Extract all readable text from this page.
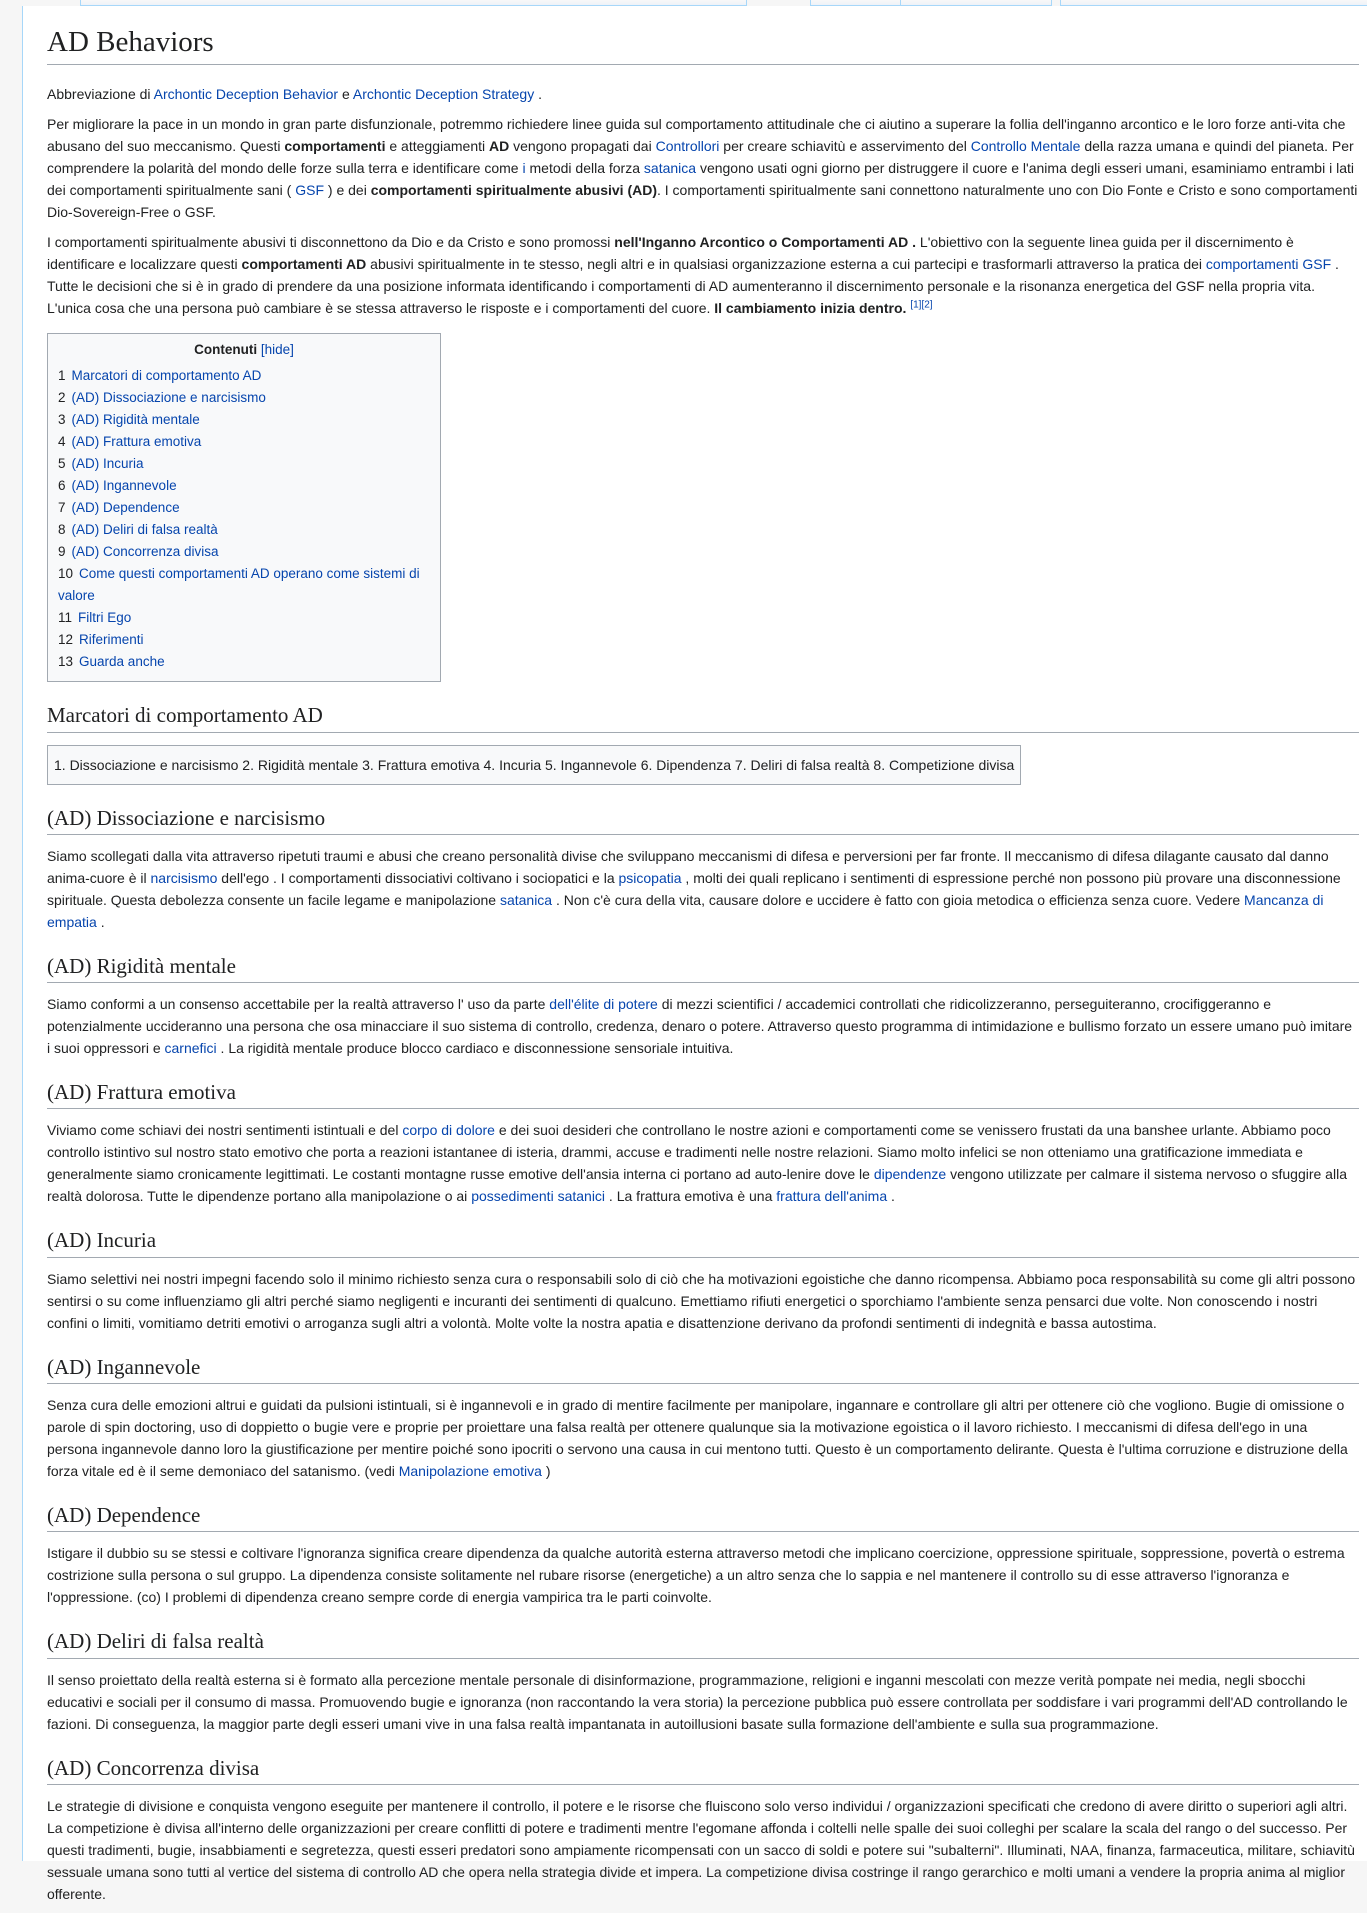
AD Behaviors

Abbreviazione di Archontic Deception Behavior e Archontic Deception Strategy .

Per migliorare la pace in un mondo in gran parte disfunzionale, potremmo richiedere linee guida sul comportamento attitudinale che ci aiutino a superare la follia dell'inganno arcontico e le loro forze anti-vita che abusano del suo meccanismo. Questi comportamenti e atteggiamenti AD vengono propagati dai Controllori per creare schiavitù e asservimento del Controllo Mentale della razza umana e quindi del pianeta. Per comprendere la polarità del mondo delle forze sulla terra e identificare come i metodi della forza satanica vengono usati ogni giorno per distruggere il cuore e l'anima degli esseri umani, esaminiamo entrambi i lati dei comportamenti spiritualmente sani ( GSF ) e dei comportamenti spiritualmente abusivi (AD). I comportamenti spiritualmente sani connettono naturalmente uno con Dio Fonte e Cristo e sono comportamenti Dio-Sovereign-Free o GSF.

I comportamenti spiritualmente abusivi ti disconnettono da Dio e da Cristo e sono promossi nell'Inganno Arcontico o Comportamenti AD . L'obiettivo con la seguente linea guida per il discernimento è identificare e localizzare questi comportamenti AD abusivi spiritualmente in te stesso, negli altri e in qualsiasi organizzazione esterna a cui partecipi e trasformarli attraverso la pratica dei comportamenti GSF . Tutte le decisioni che si è in grado di prendere da una posizione informata identificando i comportamenti di AD aumenteranno il discernimento personale e la risonanza energetica del GSF nella propria vita. L'unica cosa che una persona può cambiare è se stessa attraverso le risposte e i comportamenti del cuore. Il cambiamento inizia dentro. [1][2]

Contenuti [hide]
1 Marcatori di comportamento AD
2 (AD) Dissociazione e narcisismo
3 (AD) Rigidità mentale
4 (AD) Frattura emotiva
5 (AD) Incuria
6 (AD) Ingannevole
7 (AD) Dependence
8 (AD) Deliri di falsa realtà
9 (AD) Concorrenza divisa
10 Come questi comportamenti AD operano come sistemi di valore
11 Filtri Ego
12 Riferimenti
13 Guarda anche
Marcatori di comportamento AD
1. Dissociazione e narcisismo 2. Rigidità mentale 3. Frattura emotiva 4. Incuria 5. Ingannevole 6. Dipendenza 7. Deliri di falsa realtà 8. Competizione divisa
(AD) Dissociazione e narcisismo

Siamo scollegati dalla vita attraverso ripetuti traumi e abusi che creano personalità divise che sviluppano meccanismi di difesa e perversioni per far fronte. Il meccanismo di difesa dilagante causato dal danno anima-cuore è il narcisismo dell'ego . I comportamenti dissociativi coltivano i sociopatici e la psicopatia , molti dei quali replicano i sentimenti di espressione perché non possono più provare una disconnessione spirituale. Questa debolezza consente un facile legame e manipolazione satanica . Non c'è cura della vita, causare dolore e uccidere è fatto con gioia metodica o efficienza senza cuore. Vedere Mancanza di empatia .

(AD) Rigidità mentale

Siamo conformi a un consenso accettabile per la realtà attraverso l' uso da parte dell'élite di potere di mezzi scientifici / accademici controllati che ridicolizzeranno, perseguiteranno, crocifiggeranno e potenzialmente uccideranno una persona che osa minacciare il suo sistema di controllo, credenza, denaro o potere. Attraverso questo programma di intimidazione e bullismo forzato un essere umano può imitare i suoi oppressori e carnefici . La rigidità mentale produce blocco cardiaco e disconnessione sensoriale intuitiva.

(AD) Frattura emotiva

Viviamo come schiavi dei nostri sentimenti istintuali e del corpo di dolore e dei suoi desideri che controllano le nostre azioni e comportamenti come se venissero frustati da una banshee urlante. Abbiamo poco controllo istintivo sul nostro stato emotivo che porta a reazioni istantanee di isteria, drammi, accuse e tradimenti nelle nostre relazioni. Siamo molto infelici se non otteniamo una gratificazione immediata e generalmente siamo cronicamente legittimati. Le costanti montagne russe emotive dell'ansia interna ci portano ad auto-lenire dove le dipendenze vengono utilizzate per calmare il sistema nervoso o sfuggire alla realtà dolorosa. Tutte le dipendenze portano alla manipolazione o ai possedimenti satanici . La frattura emotiva è una frattura dell'anima .

(AD) Incuria

Siamo selettivi nei nostri impegni facendo solo il minimo richiesto senza cura o responsabili solo di ciò che ha motivazioni egoistiche che danno ricompensa. Abbiamo poca responsabilità su come gli altri possono sentirsi o su come influenziamo gli altri perché siamo negligenti e incuranti dei sentimenti di qualcuno. Emettiamo rifiuti energetici o sporchiamo l'ambiente senza pensarci due volte. Non conoscendo i nostri confini o limiti, vomitiamo detriti emotivi o arroganza sugli altri a volontà. Molte volte la nostra apatia e disattenzione derivano da profondi sentimenti di indegnità e bassa autostima.

(AD) Ingannevole

Senza cura delle emozioni altrui e guidati da pulsioni istintuali, si è ingannevoli e in grado di mentire facilmente per manipolare, ingannare e controllare gli altri per ottenere ciò che vogliono. Bugie di omissione o parole di spin doctoring, uso di doppietto o bugie vere e proprie per proiettare una falsa realtà per ottenere qualunque sia la motivazione egoistica o il lavoro richiesto. I meccanismi di difesa dell'ego in una persona ingannevole danno loro la giustificazione per mentire poiché sono ipocriti o servono una causa in cui mentono tutti. Questo è un comportamento delirante. Questa è l'ultima corruzione e distruzione della forza vitale ed è il seme demoniaco del satanismo. (vedi Manipolazione emotiva )

(AD) Dependence

Istigare il dubbio su se stessi e coltivare l'ignoranza significa creare dipendenza da qualche autorità esterna attraverso metodi che implicano coercizione, oppressione spirituale, soppressione, povertà o estrema costrizione sulla persona o sul gruppo. La dipendenza consiste solitamente nel rubare risorse (energetiche) a un altro senza che lo sappia e nel mantenere il controllo su di esse attraverso l'ignoranza e l'oppressione. (co) I problemi di dipendenza creano sempre corde di energia vampirica tra le parti coinvolte.

(AD) Deliri di falsa realtà

Il senso proiettato della realtà esterna si è formato alla percezione mentale personale di disinformazione, programmazione, religioni e inganni mescolati con mezze verità pompate nei media, negli sbocchi educativi e sociali per il consumo di massa. Promuovendo bugie e ignoranza (non raccontando la vera storia) la percezione pubblica può essere controllata per soddisfare i vari programmi dell'AD controllando le fazioni. Di conseguenza, la maggior parte degli esseri umani vive in una falsa realtà impantanata in autoillusioni basate sulla formazione dell'ambiente e sulla sua programmazione.

(AD) Concorrenza divisa

Le strategie di divisione e conquista vengono eseguite per mantenere il controllo, il potere e le risorse che fluiscono solo verso individui / organizzazioni specificati che credono di avere diritto o superiori agli altri. La competizione è divisa all'interno delle organizzazioni per creare conflitti di potere e tradimenti mentre l'egomane affonda i coltelli nelle spalle dei suoi colleghi per scalare la scala del rango o del successo. Per questi tradimenti, bugie, insabbiamenti e segretezza, questi esseri predatori sono ampiamente ricompensati con un sacco di soldi e potere sui "subalterni". Illuminati, NAA, finanza, farmaceutica, militare, schiavitù sessuale umana sono tutti al vertice del sistema di controllo AD che opera nella strategia divide et impera. La competizione divisa costringe il rango gerarchico e molti umani a vendere la propria anima al miglior offerente.
